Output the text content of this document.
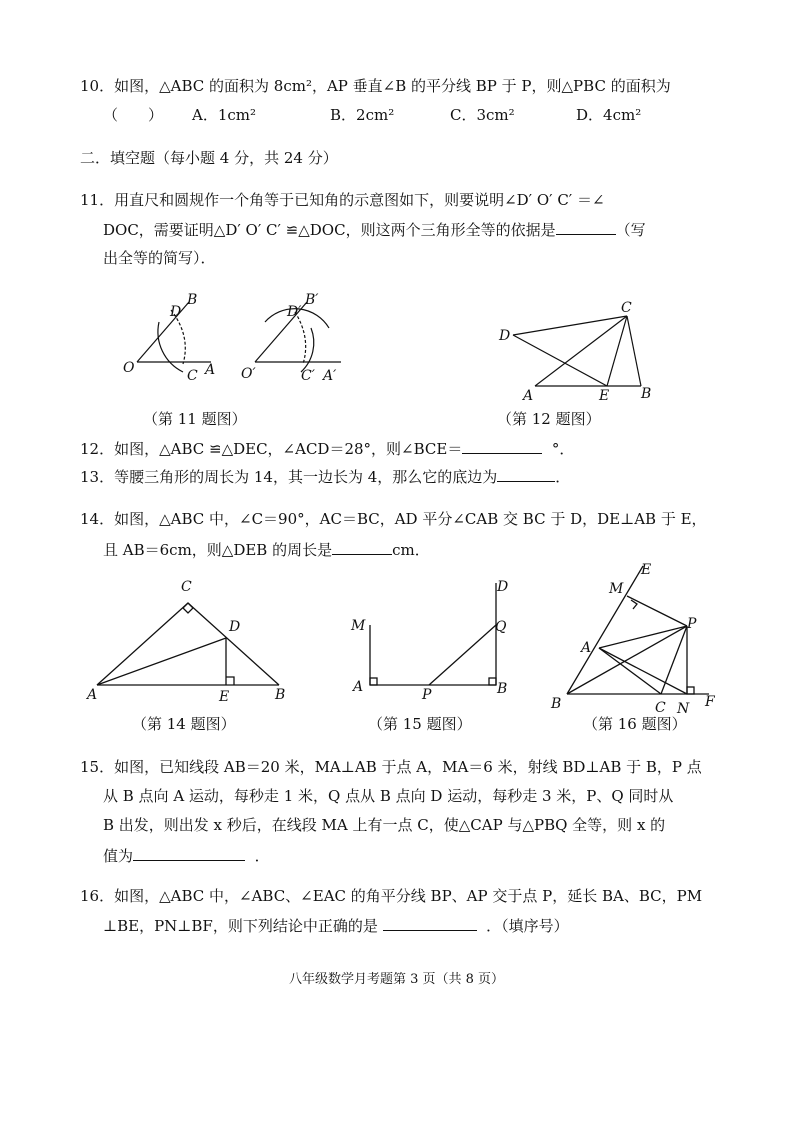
10．如图，△ABC 的面积为 8cm²，AP 垂直∠B 的平分线 BP 于 P，则△PBC 的面积为
（　　） A．1cm²	B．2cm²	C．3cm²	D．4cm²
二．填空题（每小题 4 分，共 24 分）
11．用直尺和圆规作一个角等于已知角的示意图如下，则要说明∠D′ O′ C′ ＝∠
DOC，需要证明△D′ O′ C′ ≌△DOC，则这两个三角形全等的依据是	（写
出全等的简写）．
D
B
O	C A
D′
B′
O′	C′ A′
（第 11 题图）
C
D
A	E B
（第 12 题图）
12．如图，△ABC ≌△DEC，∠ACD＝28°，则∠BCE＝	°．
13．等腰三角形的周长为 14，其一边长为 4，那么它的底边为	．
14．如图，△ABC 中，∠C＝90°，AC＝BC，AD 平分∠CAB 交 BC 于 D，DE⊥AB 于 E，
且 AB＝6cm，则△DEB 的周长是	cm．
C
D
A	E	B
（第 14 题图）
D
M	Q
A	P	B
（第 15 题图）
E
M
P
A
B	C N F
（第 16 题图）
15．如图，已知线段 AB＝20 米，MA⊥AB 于点 A，MA＝6 米，射线 BD⊥AB 于 B，P 点
从 B 点向 A 运动，每秒走 1 米，Q 点从 B 点向 D 运动，每秒走 3 米，P、Q 同时从
B 出发，则出发 x 秒后，在线段 MA 上有一点 C，使△CAP 与△PBQ 全等，则 x 的
值为	．
16．如图，△ABC 中，∠ABC、∠EAC 的角平分线 BP、AP 交于点 P，延长 BA、BC，PM
⊥BE，PN⊥BF，则下列结论中正确的是	．（填序号）
八年级数学月考题第 3 页（共 8 页）
